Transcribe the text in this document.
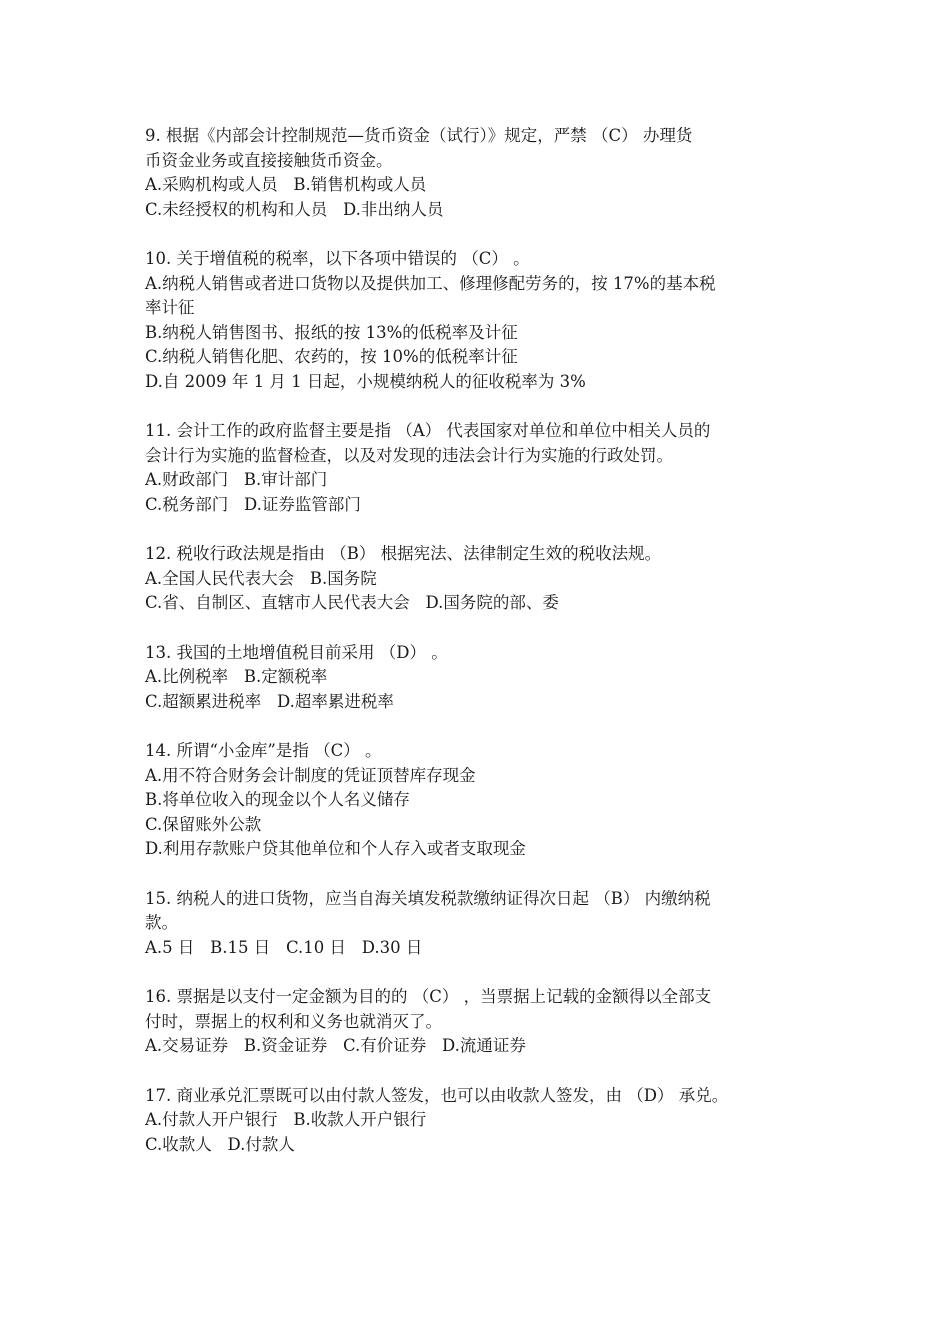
9. 根据《内部会计控制规范—货币资金（试行）》规定，严禁 （C） 办理货
币资金业务或直接接触货币资金。
A.采购机构或人员   B.销售机构或人员
C.未经授权的机构和人员   D.非出纳人员
10. 关于增值税的税率，以下各项中错误的 （C） 。
A.纳税人销售或者进口货物以及提供加工、修理修配劳务的，按 17%的基本税
率计征
B.纳税人销售图书、报纸的按 13%的低税率及计征
C.纳税人销售化肥、农药的，按 10%的低税率计征
D.自 2009 年 1 月 1 日起，小规模纳税人的征收税率为 3%
11. 会计工作的政府监督主要是指 （A） 代表国家对单位和单位中相关人员的
会计行为实施的监督检查，以及对发现的违法会计行为实施的行政处罚。
A.财政部门   B.审计部门
C.税务部门   D.证券监管部门
12. 税收行政法规是指由 （B） 根据宪法、法律制定生效的税收法规。
A.全国人民代表大会   B.国务院
C.省、自制区、直辖市人民代表大会   D.国务院的部、委
13. 我国的土地增值税目前采用 （D） 。
A.比例税率   B.定额税率
C.超额累进税率   D.超率累进税率
14. 所谓“小金库”是指 （C） 。
A.用不符合财务会计制度的凭证顶替库存现金
B.将单位收入的现金以个人名义储存
C.保留账外公款
D.利用存款账户贷其他单位和个人存入或者支取现金
15. 纳税人的进口货物，应当自海关填发税款缴纳证得次日起 （B） 内缴纳税
款。
A.5 日   B.15 日   C.10 日   D.30 日
16. 票据是以支付一定金额为目的的 （C） ，当票据上记载的金额得以全部支
付时，票据上的权利和义务也就消灭了。
A.交易证券   B.资金证券   C.有价证券   D.流通证券
17. 商业承兑汇票既可以由付款人签发，也可以由收款人签发，由 （D） 承兑。
A.付款人开户银行   B.收款人开户银行
C.收款人   D.付款人
